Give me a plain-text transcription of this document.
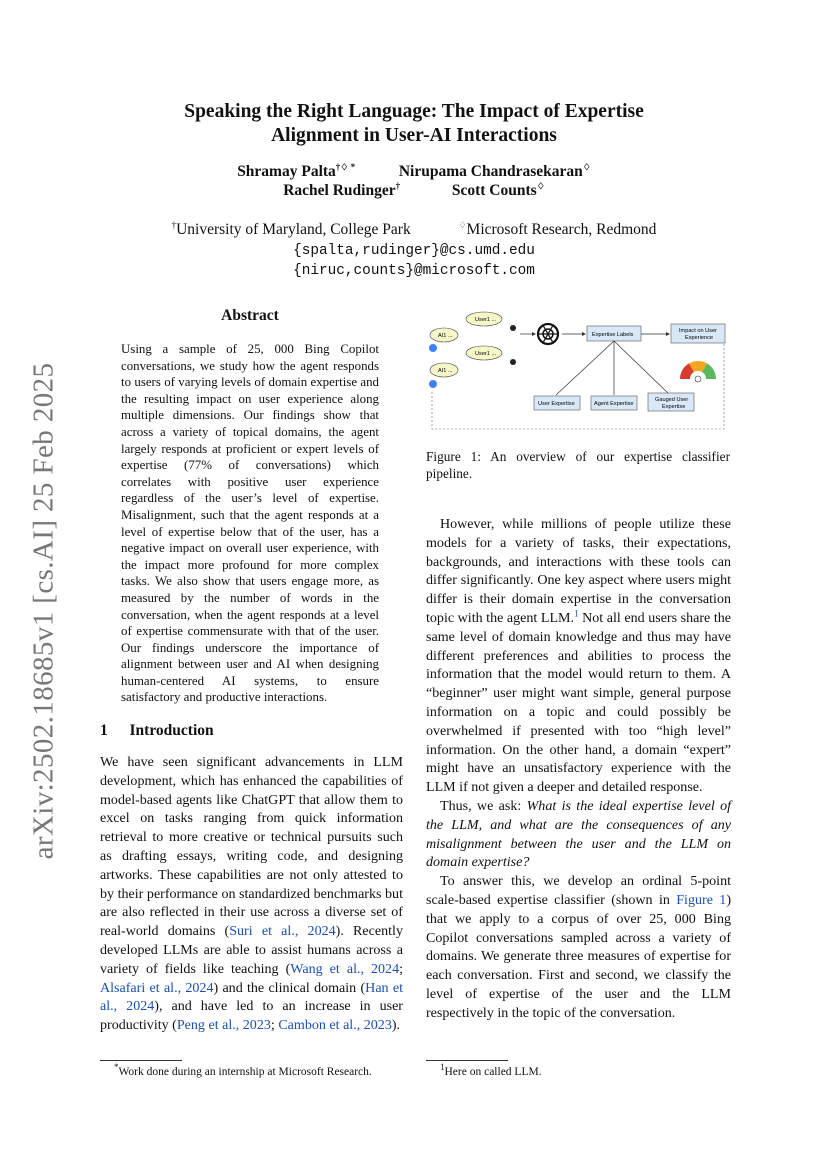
arXiv:2502.18685v1 [cs.AI] 25 Feb 2025
Speaking the Right Language: The Impact of Expertise
Alignment in User-AI Interactions
Shramay Palta†♢ *	Nirupama Chandrasekaran♢
Rachel Rudinger†	Scott Counts♢
†University of Maryland, College Park	♢Microsoft Research, Redmond
{spalta,rudinger}@cs.umd.edu
{niruc,counts}@microsoft.com
Abstract
Using a sample of 25, 000 Bing Copilot conversations, we study how the agent responds to users of varying levels of domain expertise and the resulting impact on user experience along multiple dimensions. Our findings show that across a variety of topical domains, the agent largely responds at proficient or expert levels of expertise (77% of conversations) which correlates with positive user experience regardless of the user’s level of expertise. Misalignment, such that the agent responds at a level of expertise below that of the user, has a negative impact on overall user experience, with the impact more profound for more complex tasks. We also show that users engage more, as measured by the number of words in the conversation, when the agent responds at a level of expertise commensurate with that of the user. Our findings underscore the importance of alignment between user and AI when designing human-centered AI systems, to ensure satisfactory and productive interactions.
1 Introduction

We have seen significant advancements in LLM development, which has enhanced the capabilities of model-based agents like ChatGPT that allow them to excel on tasks ranging from quick information retrieval to more creative or technical pursuits such as drafting essays, writing code, and designing artworks. These capabilities are not only attested to by their performance on standardized benchmarks but are also reflected in their use across a diverse set of real-world domains (Suri et al., 2024). Recently developed LLMs are able to assist humans across a variety of fields like teaching (Wang et al., 2024; Alsafari et al., 2024) and the clinical domain (Han et al., 2024), and have led to an increase in user productivity (Peng et al., 2023; Cambon et al., 2023).

*Work done during an internship at Microsoft Research.
User1 ...
AI1 ...
User1 ...
AI1 ...
Expertise Labels
Impact on User
Experience
User Expertise	Agent Expertise
Gauged User
Expertise
Figure 1: An overview of our expertise classifier pipeline.

However, while millions of people utilize these models for a variety of tasks, their expectations, backgrounds, and interactions with these tools can differ significantly. One key aspect where users might differ is their domain expertise in the conversation topic with the agent LLM.$^1$ Not all end users share the same level of domain knowledge and thus may have different preferences and abilities to process the information that the model would return to them. A “beginner” user might want simple, general purpose information on a topic and could possibly be overwhelmed if presented with too “high level” information. On the other hand, a domain “expert” might have an unsatisfactory experience with the LLM if not given a deeper and detailed response.

Thus, we ask: What is the ideal expertise level of the LLM, and what are the consequences of any misalignment between the user and the LLM on domain expertise?

To answer this, we develop an ordinal 5-point scale-based expertise classifier (shown in Figure 1) that we apply to a corpus of over 25, 000 Bing Copilot conversations sampled across a variety of domains. We generate three measures of expertise for each conversation. First and second, we classify the level of expertise of the user and the LLM respectively in the topic of the conversation.

$^1$Here on called LLM.
